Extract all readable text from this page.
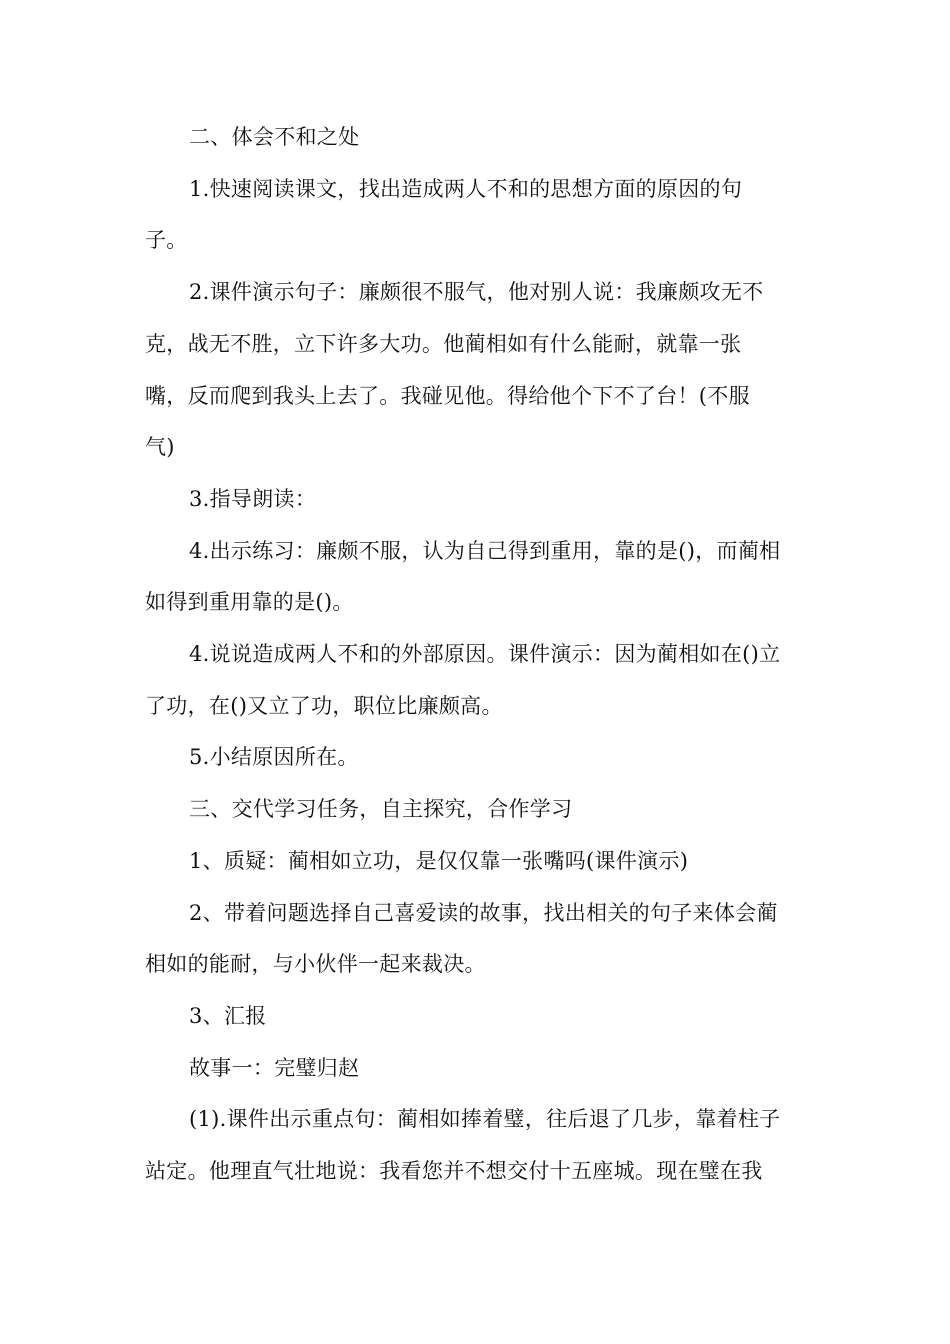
二、体会不和之处

1.快速阅读课文，找出造成两人不和的思想方面的原因的句

子。

2.课件演示句子：廉颇很不服气，他对别人说：我廉颇攻无不

克，战无不胜，立下许多大功。他蔺相如有什么能耐，就靠一张

嘴，反而爬到我头上去了。我碰见他。得给他个下不了台！(不服

气)

3.指导朗读：

4.出示练习：廉颇不服，认为自己得到重用，靠的是()，而蔺相

如得到重用靠的是()。

4.说说造成两人不和的外部原因。课件演示：因为蔺相如在()立

了功，在()又立了功，职位比廉颇高。

5.小结原因所在。

三、交代学习任务，自主探究，合作学习

1、质疑：蔺相如立功，是仅仅靠一张嘴吗(课件演示)

2、带着问题选择自己喜爱读的故事，找出相关的句子来体会蔺

相如的能耐，与小伙伴一起来裁决。

3、汇报

故事一：完璧归赵

(1).课件出示重点句：蔺相如捧着璧，往后退了几步，靠着柱子

站定。他理直气壮地说：我看您并不想交付十五座城。现在璧在我
